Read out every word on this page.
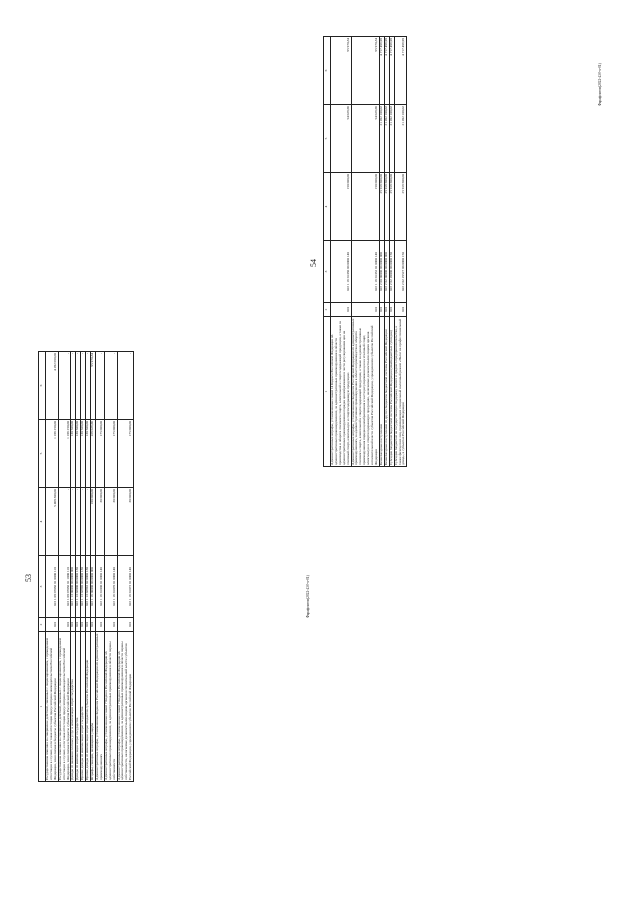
53
1	2	3	4	5	6
Государственная пошлина за совершение действий, связанных с лицензированием, с проведением аттестации в случаях, если такая аттестация предусмотрена законодательством Российской Федерации, зачисляемая в бюджеты субъектов Российской Федерации	010	022 1 08 07082 01 0000 110	5 468 300,00	1 186 250,00	4 282 050,00
Государственная пошлина за совершение действий, связанных с лицензированием, с проведением аттестации в случаях, если такая аттестация предусмотрена законодательством Российской Федерации, зачисляемая в бюджеты субъектов Российской Федерации	010	022 1 08 07082 01 1000 110	-	1 186 250,00	-
Доходы от оказания платных услуг и компенсации затрат государства	010	022 1 13 00000 00 0000 000	-	130 500,00	-
Доходы от компенсации затрат государства	010	022 1 13 02000 00 0000 130	-	130 500,00	-
Прочие доходы от компенсации затрат государства	010	022 1 13 02990 00 0000 130	-	130 500,00	-
Прочие доходы от компенсации затрат бюджетов субъектов Российской Федерации	010	022 1 13 02992 02 0000 130	-	130 500,00	-
Штрафы, санкции, возмещение ущерба	010	022 1 16 00000 00 0000 000	180 000,00	229 029,66	95 970,34
Административные штрафы, установленные Кодексом Российской Федерации об административных правонарушениях	010	022 1 16 01000 01 0000 140	30 000,00	175 000,00	-
Административные штрафы, установленные главой 7 Кодекса Российской Федерации об административных правонарушениях, за административные правонарушения в области охраны собственности	010	022 1 16 01070 01 0000 140	30 000,00	175 000,00	-
Административные штрафы, установленные главой 7 Кодекса Российской Федерации об административных правонарушениях, за административные правонарушения в области охраны собственности, налагаемые должностными лицами органов исполнительной власти субъектов Российской Федерации, учреждениями субъектов Российской Федерации	010	022 1 16 01072 01 0000 140	30 000,00	175 000,00	-
54
1	2	3	4	5	6
Административные штрафы, установленные главой 14 Кодекса Российской Федерации об административных правонарушениях, за административные правонарушения в области производства и оборота этилового спирта, алкогольной и спиртосодержащей продукции, а также за административные правонарушения порядка ценообразования в части регулирования цен на этиловый спирт, алкогольную и спиртосодержащую продукцию	010	022 1 16 01330 00 0000 140	150 000,00	54 029,66	95 970,34
Административные штрафы, установленные Кодексом Российской Федерации об административных правонарушениях, за административные правонарушения в области производства и оборота этилового спирта, алкогольной и спиртосодержащей продукции, а также за административные правонарушения порядка ценообразования в части регулирования цен на этиловый спирт, алкогольную и спиртосодержащую продукцию, налагаемые должностными лицами органов исполнительной власти субъектов Российской Федерации, учреждениями субъектов Российской Федерации	010	022 1 16 01332 01 0000 140	150 000,00	54 029,66	95 970,34
Безвозмездные поступления	010	022 2 00 00000 00 0000 000	25 919 600,00	21 202 100,02	4 717 499,98
Безвозмездные поступления от других бюджетов бюджетной системы Российской Федерации	010	022 2 02 00000 00 0000 000	25 919 600,00	21 202 100,02	4 717 499,98
Субсидии бюджетам бюджетной системы Российской Федерации (межбюджетные субсидии)	010	022 2 02 20000 00 0000 150	25 919 600,00	21 202 100,02	4 717 499,98
Субсидии бюджетам на государственную поддержку малого и среднего предпринимательства, а также физических лиц, применяющих специальный налоговый режим «Налог на профессиональный доход», в субъектах Российской Федерации	010	022 2 02 25527 00 0000 150	25 919 600,00	21 202 100,02	4 717 499,98
Фарафонтов(2022-430-ч-01)
Фарафонтов(2022-430-ч-01)
